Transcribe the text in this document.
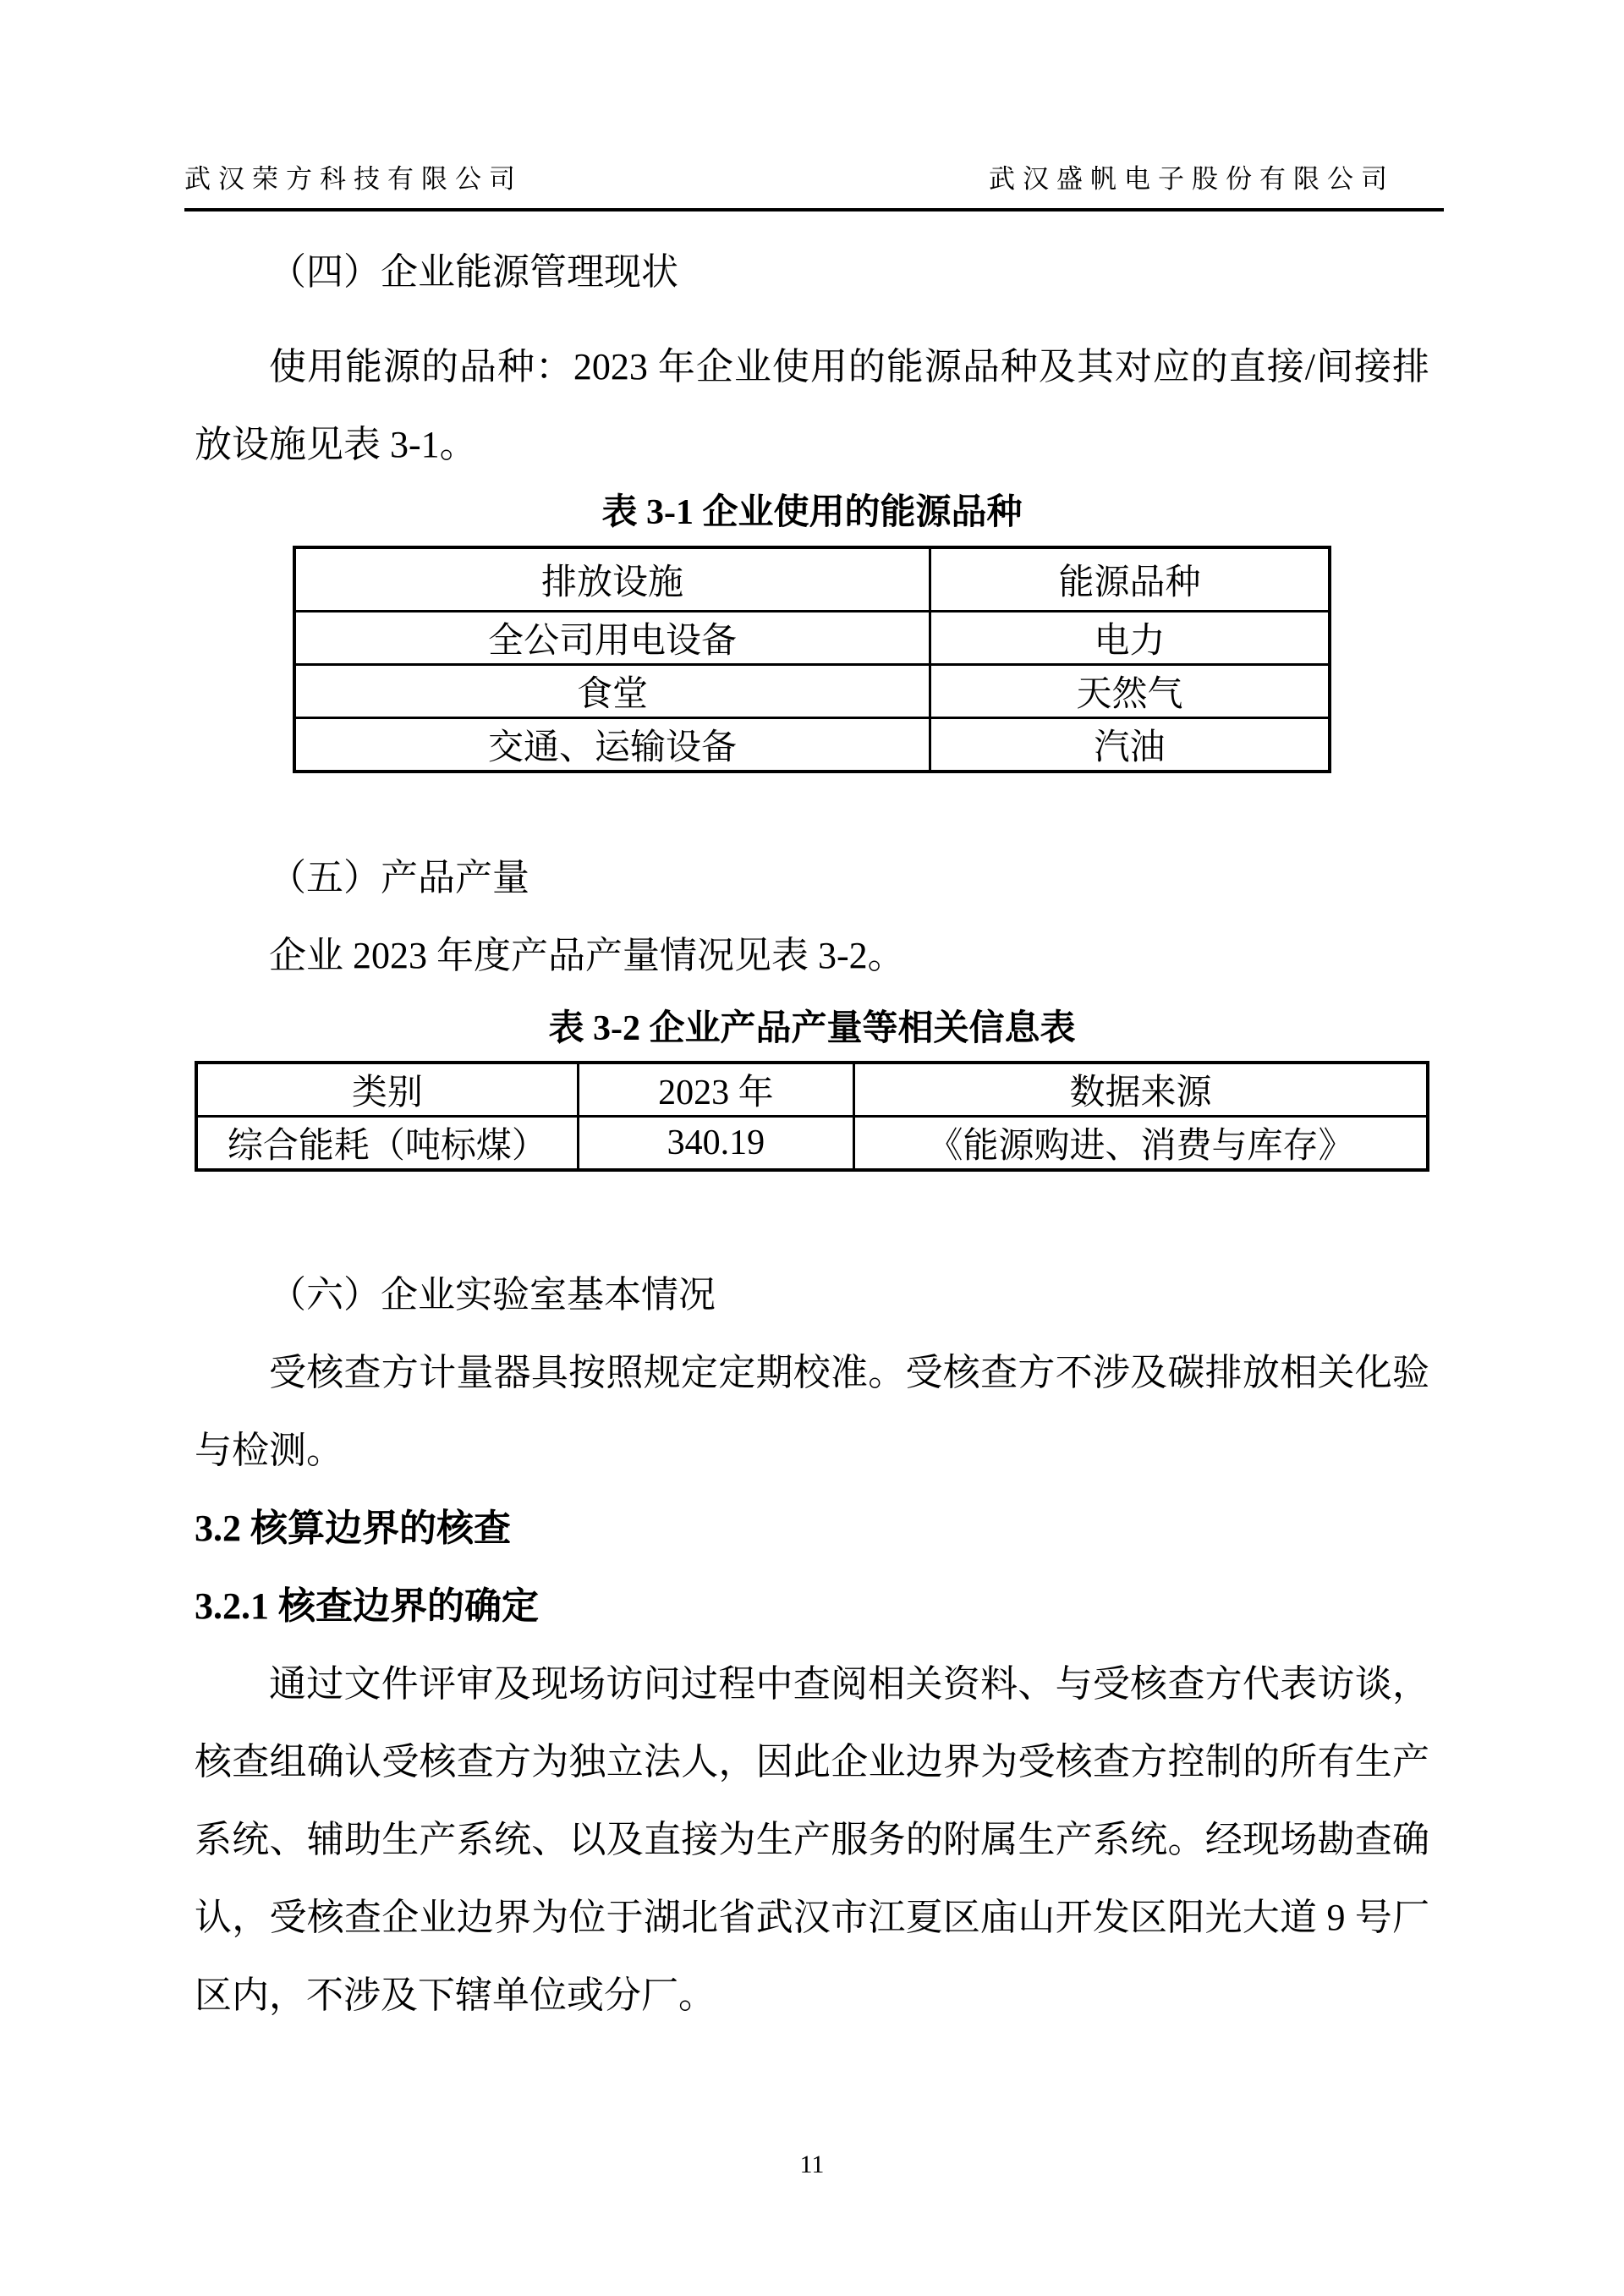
武汉荣方科技有限公司	武汉盛帆电子股份有限公司

（四）企业能源管理现状

使用能源的品种：2023 年企业使用的能源品种及其对应的直接/间接排放设施见表 3-1。

表 3-1 企业使用的能源品种

排放设施	能源品种
全公司用电设备	电力
食堂	天然气
交通、运输设备	汽油

（五）产品产量

企业 2023 年度产品产量情况见表 3-2。

表 3-2 企业产品产量等相关信息表

类别	2023 年	数据来源
综合能耗（吨标煤）	340.19	《能源购进、消费与库存》

（六）企业实验室基本情况

受核查方计量器具按照规定定期校准。受核查方不涉及碳排放相关化验与检测。

3.2 核算边界的核查

3.2.1 核查边界的确定

通过文件评审及现场访问过程中查阅相关资料、与受核查方代表访谈，核查组确认受核查方为独立法人，因此企业边界为受核查方控制的所有生产系统、辅助生产系统、以及直接为生产服务的附属生产系统。经现场勘查确认，受核查企业边界为位于湖北省武汉市江夏区庙山开发区阳光大道 9 号厂区内，不涉及下辖单位或分厂。

11
